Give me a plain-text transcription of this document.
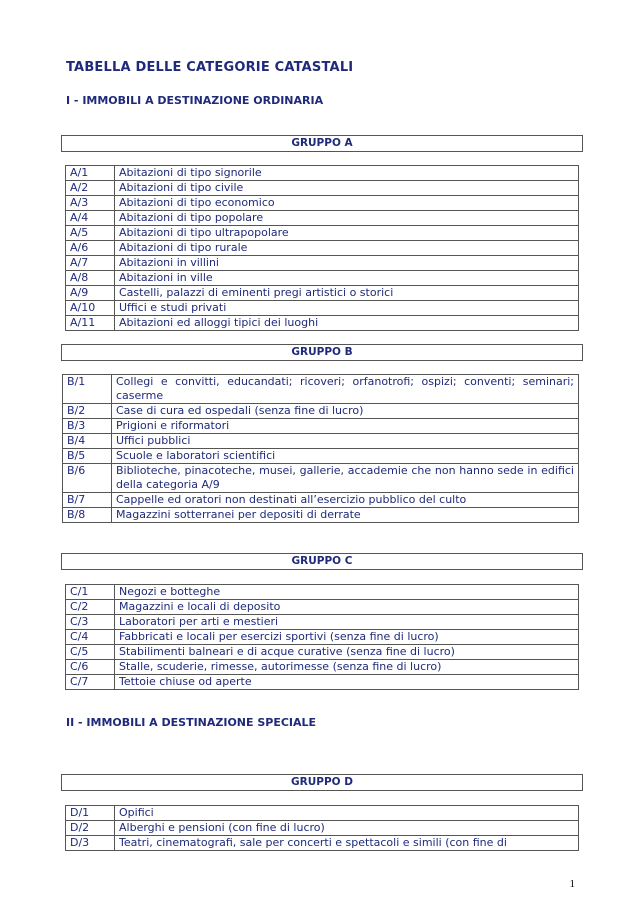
TABELLA DELLE CATEGORIE CATASTALI
I - IMMOBILI A DESTINAZIONE ORDINARIA
GRUPPO A
A/1	Abitazioni di tipo signorile
A/2	Abitazioni di tipo civile
A/3	Abitazioni di tipo economico
A/4	Abitazioni di tipo popolare
A/5	Abitazioni di tipo ultrapopolare
A/6	Abitazioni di tipo rurale
A/7	Abitazioni in villini
A/8	Abitazioni in ville
A/9	Castelli, palazzi di eminenti pregi artistici o storici
A/10	Uffici e studi privati
A/11	Abitazioni ed alloggi tipici dei luoghi
GRUPPO B
B/1	Collegi e convitti, educandati; ricoveri; orfanotrofi; ospizi; conventi; seminari; caserme
B/2	Case di cura ed ospedali (senza fine di lucro)
B/3	Prigioni e riformatori
B/4	Uffici pubblici
B/5	Scuole e laboratori scientifici
B/6	Biblioteche, pinacoteche, musei, gallerie, accademie che non hanno sede in edifici della categoria A/9
B/7	Cappelle ed oratori non destinati all’esercizio pubblico del culto
B/8	Magazzini sotterranei per depositi di derrate
GRUPPO C
C/1	Negozi e botteghe
C/2	Magazzini e locali di deposito
C/3	Laboratori per arti e mestieri
C/4	Fabbricati e locali per esercizi sportivi (senza fine di lucro)
C/5	Stabilimenti balneari e di acque curative (senza fine di lucro)
C/6	Stalle, scuderie, rimesse, autorimesse (senza fine di lucro)
C/7	Tettoie chiuse od aperte
II - IMMOBILI A DESTINAZIONE SPECIALE
GRUPPO D
D/1	Opifici
D/2	Alberghi e pensioni (con fine di lucro)
D/3	Teatri, cinematografi, sale per concerti e spettacoli e simili (con fine di
1
